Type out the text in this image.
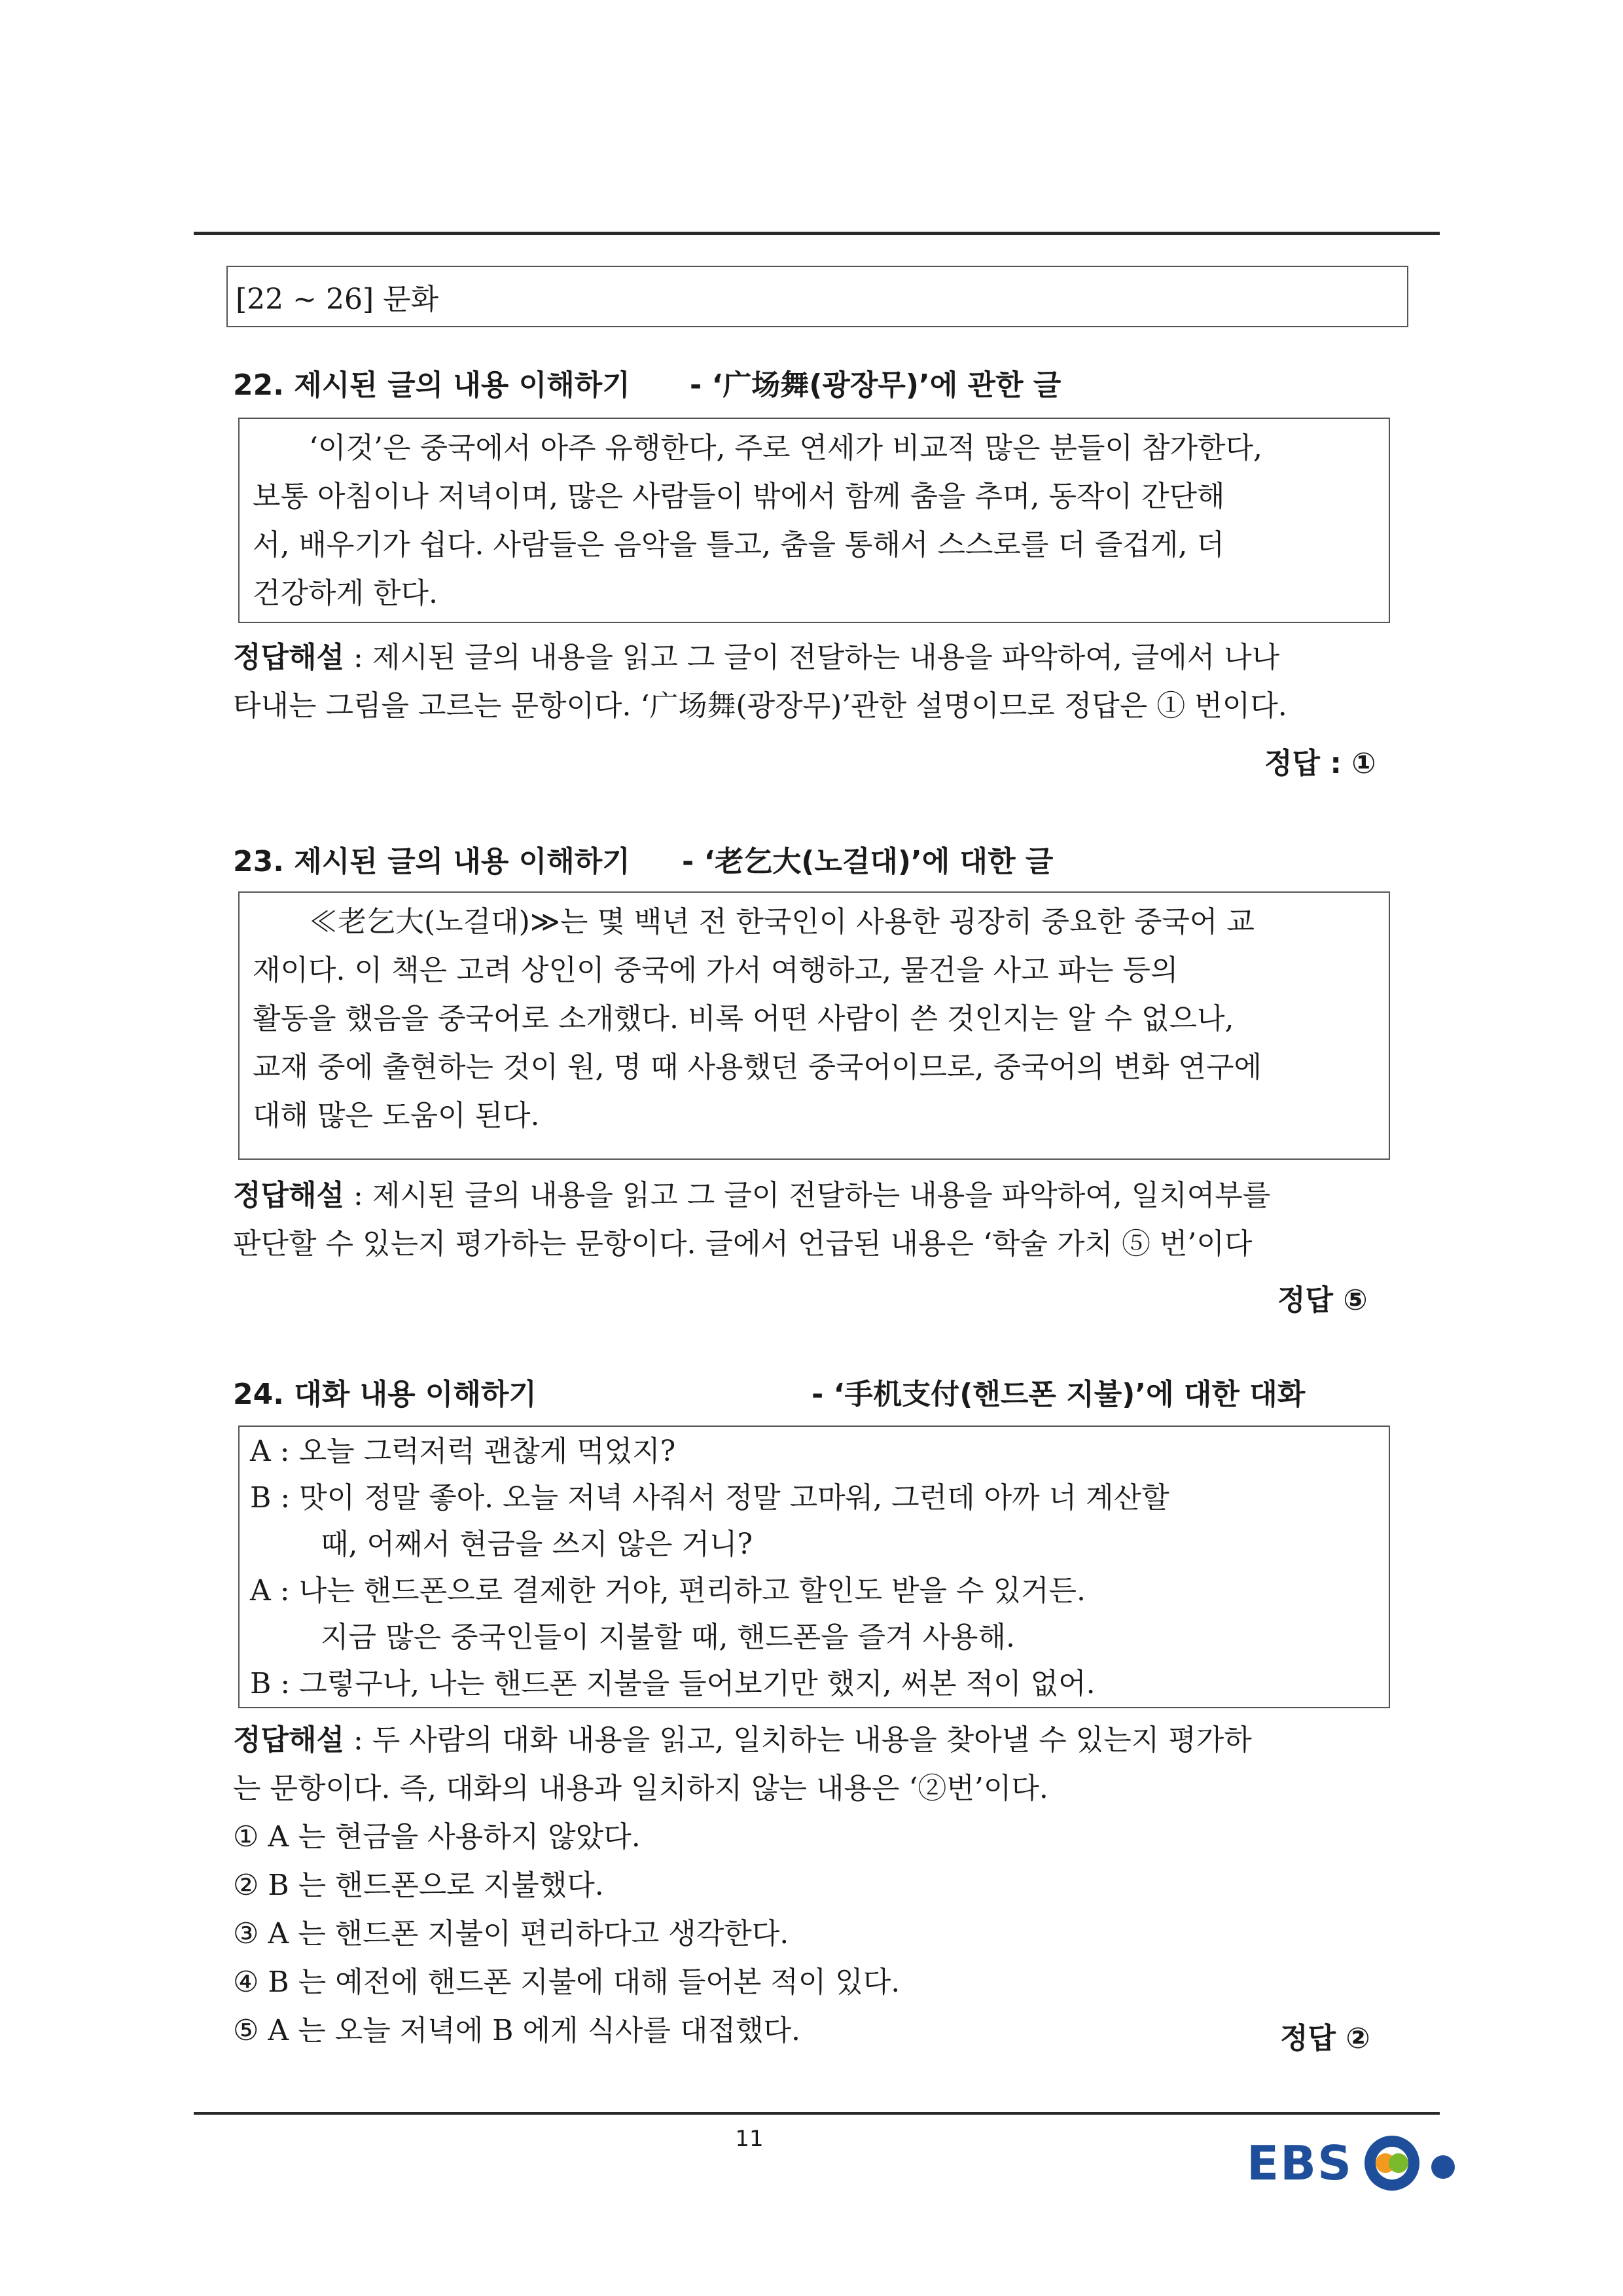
[22 ~ 26] 문화
22. 제시된 글의 내용 이해하기 - ‘广场舞(광장무)’에 관한 글
‘이것’은 중국에서 아주 유행한다, 주로 연세가 비교적 많은 분들이 참가한다,
보통 아침이나 저녁이며, 많은 사람들이 밖에서 함께 춤을 추며, 동작이 간단해
서, 배우기가 쉽다. 사람들은 음악을 틀고, 춤을 통해서 스스로를 더 즐겁게, 더
건강하게 한다.
정답해설 : 제시된 글의 내용을 읽고 그 글이 전달하는 내용을 파악하여, 글에서 나나
타내는 그림을 고르는 문항이다. ‘广场舞(광장무)’관한 설명이므로 정답은 ① 번이다.
정답 : ①
23. 제시된 글의 내용 이해하기 - ‘老乞大(노걸대)’에 대한 글
≪老乞大(노걸대)≫는 몇 백년 전 한국인이 사용한 굉장히 중요한 중국어 교
재이다. 이 책은 고려 상인이 중국에 가서 여행하고, 물건을 사고 파는 등의
활동을 했음을 중국어로 소개했다. 비록 어떤 사람이 쓴 것인지는 알 수 없으나,
교재 중에 출현하는 것이 원, 명 때 사용했던 중국어이므로, 중국어의 변화 연구에
대해 많은 도움이 된다.
정답해설 : 제시된 글의 내용을 읽고 그 글이 전달하는 내용을 파악하여, 일치여부를
판단할 수 있는지 평가하는 문항이다. 글에서 언급된 내용은 ‘학술 가치 ⑤ 번’이다
정답 ⑤
24. 대화 내용 이해하기	- ‘手机支付(핸드폰 지불)’에 대한 대화
A : 오늘 그럭저럭 괜찮게 먹었지?
B : 맛이 정말 좋아. 오늘 저녁 사줘서 정말 고마워, 그런데 아까 너 계산할
때, 어째서 현금을 쓰지 않은 거니?
A : 나는 핸드폰으로 결제한 거야, 편리하고 할인도 받을 수 있거든.
지금 많은 중국인들이 지불할 때, 핸드폰을 즐겨 사용해.
B : 그렇구나, 나는 핸드폰 지불을 들어보기만 했지, 써본 적이 없어.
정답해설 : 두 사람의 대화 내용을 읽고, 일치하는 내용을 찾아낼 수 있는지 평가하
는 문항이다. 즉, 대화의 내용과 일치하지 않는 내용은 ‘②번’이다.
① A 는 현금을 사용하지 않았다.
② B 는 핸드폰으로 지불했다.
③ A 는 핸드폰 지불이 편리하다고 생각한다.
④ B 는 예전에 핸드폰 지불에 대해 들어본 적이 있다.
⑤ A 는 오늘 저녁에 B 에게 식사를 대접했다.	정답 ②
11	EBS
